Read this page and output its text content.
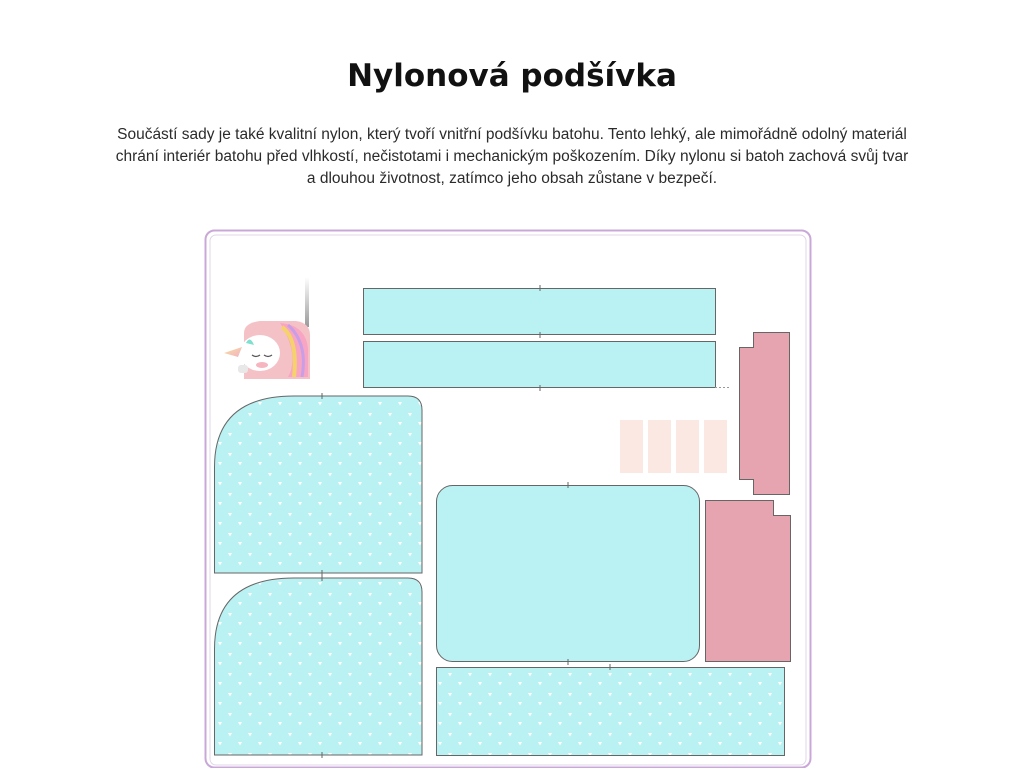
Nylonová podšívka

Součástí sady je také kvalitní nylon, který tvoří vnitřní podšívku batohu. Tento lehký, ale mimořádně odolný materiál chrání interiér batohu před vlhkostí, nečistotami i mechanickým poškozením. Díky nylonu si batoh zachová svůj tvar a dlouhou životnost, zatímco jeho obsah zůstane v bezpečí.
